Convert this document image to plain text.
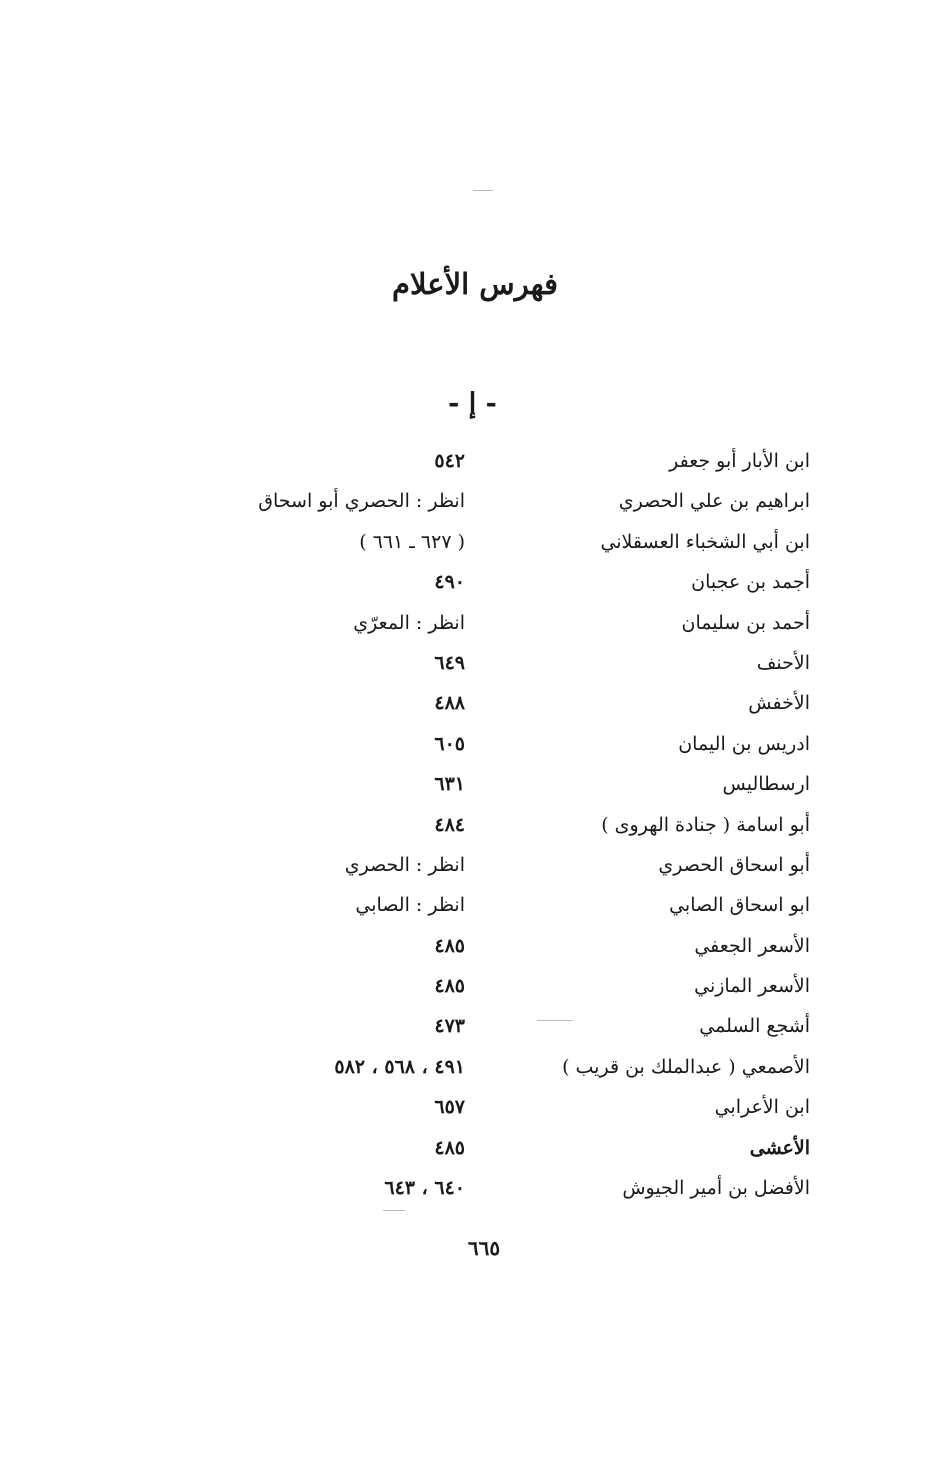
فهرس الأعلام
- إ -
ابن الأبار أبو جعفر
٥٤٢
ابراهيم بن علي الحصري
انظر : الحصري أبو اسحاق
ابن أبي الشخباء العسقلاني
( ٦٢٧ ـ ٦٦١ )
أجمد بن عجبان
٤٩٠
أحمد بن سليمان
انظر : المعرّي
الأحنف
٦٤٩
الأخفش
٤٨٨
ادريس بن اليمان
٦٠٥
ارسطاليس
٦٣١
أبو اسامة ( جنادة الهروى )
٤٨٤
أبو اسحاق الحصري
انظر : الحصري
ابو اسحاق الصابي
انظر : الصابي
الأسعر الجعفي
٤٨٥
الأسعر المازني
٤٨٥
أشجع السلمي
٤٧٣
الأصمعي ( عبدالملك بن قريب )
٤٩١ ، ٥٦٨ ، ٥٨٢
ابن الأعرابي
٦٥٧
الأعشى
٤٨٥
الأفضل بن أمير الجيوش
٦٤٠ ، ٦٤٣
٦٦٥
